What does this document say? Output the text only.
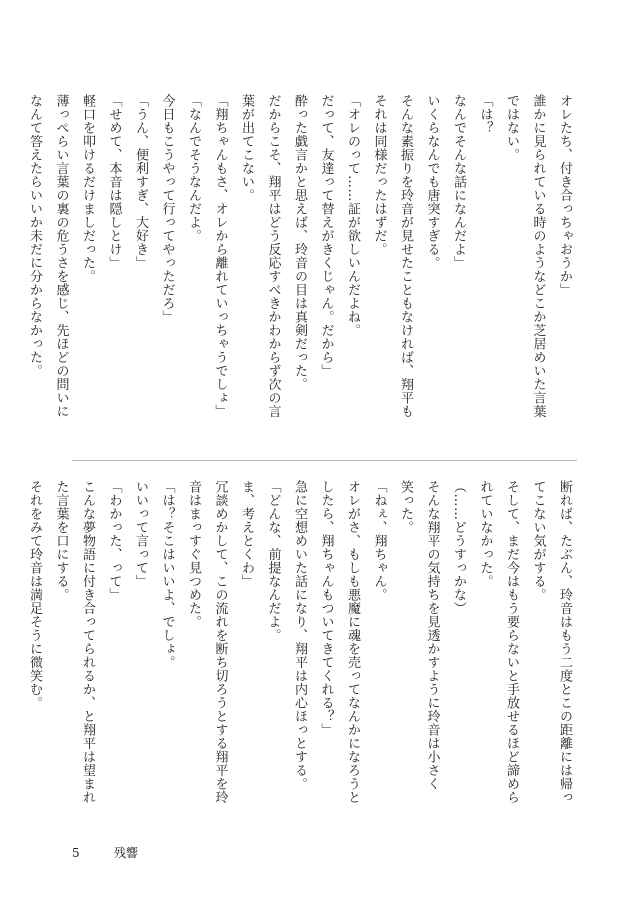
オレたち、付き合っちゃおうか」
誰かに見られている時のようなどこか芝居めいた言葉
ではない。
「は？
なんでそんな話になんだよ」
いくらなんでも唐突すぎる。
そんな素振りを玲音が見せたこともなければ、翔平も
それは同様だったはずだ。
「オレのって……証が欲しいんだよね。
だって、友達って替えがきくじゃん。だから」
酔った戯言かと思えば、玲音の目は真剣だった。
だからこそ、翔平はどう反応すべきかわからず次の言
葉が出てこない。
「翔ちゃんもさ、オレから離れていっちゃうでしょ」
「なんでそうなんだよ。
今日もこうやって行ってやっただろ」
「うん、便利すぎ、大好き」
「せめて、本音は隠しとけ」
軽口を叩けるだけましだった。
薄っぺらい言葉の裏の危うさを感じ、先ほどの問いに
なんて答えたらいいか未だに分からなかった。
断れば、たぶん、玲音はもう二度とこの距離には帰っ
てこない気がする。
そして、まだ今はもう要らないと手放せるほど諦めら
れていなかった。
（……どうすっかな）
そんな翔平の気持ちを見透かすように玲音は小さく
笑った。
「ねぇ、翔ちゃん。
オレがさ、もしも悪魔に魂を売ってなんかになろうと
したら、翔ちゃんもついてきてくれる？」
急に空想めいた話になり、翔平は内心ほっとする。
「どんな、前提なんだよ。
ま、考えとくわ」
冗談めかして、この流れを断ち切ろうとする翔平を玲
音はまっすぐ見つめた。
「は？そこはいいよ、でしょ。
いいって言って」
「わかった、って」
こんな夢物語に付き合ってられるか、と翔平は望まれ
た言葉を口にする。
それをみて玲音は満足そうに微笑む。
5	残響
